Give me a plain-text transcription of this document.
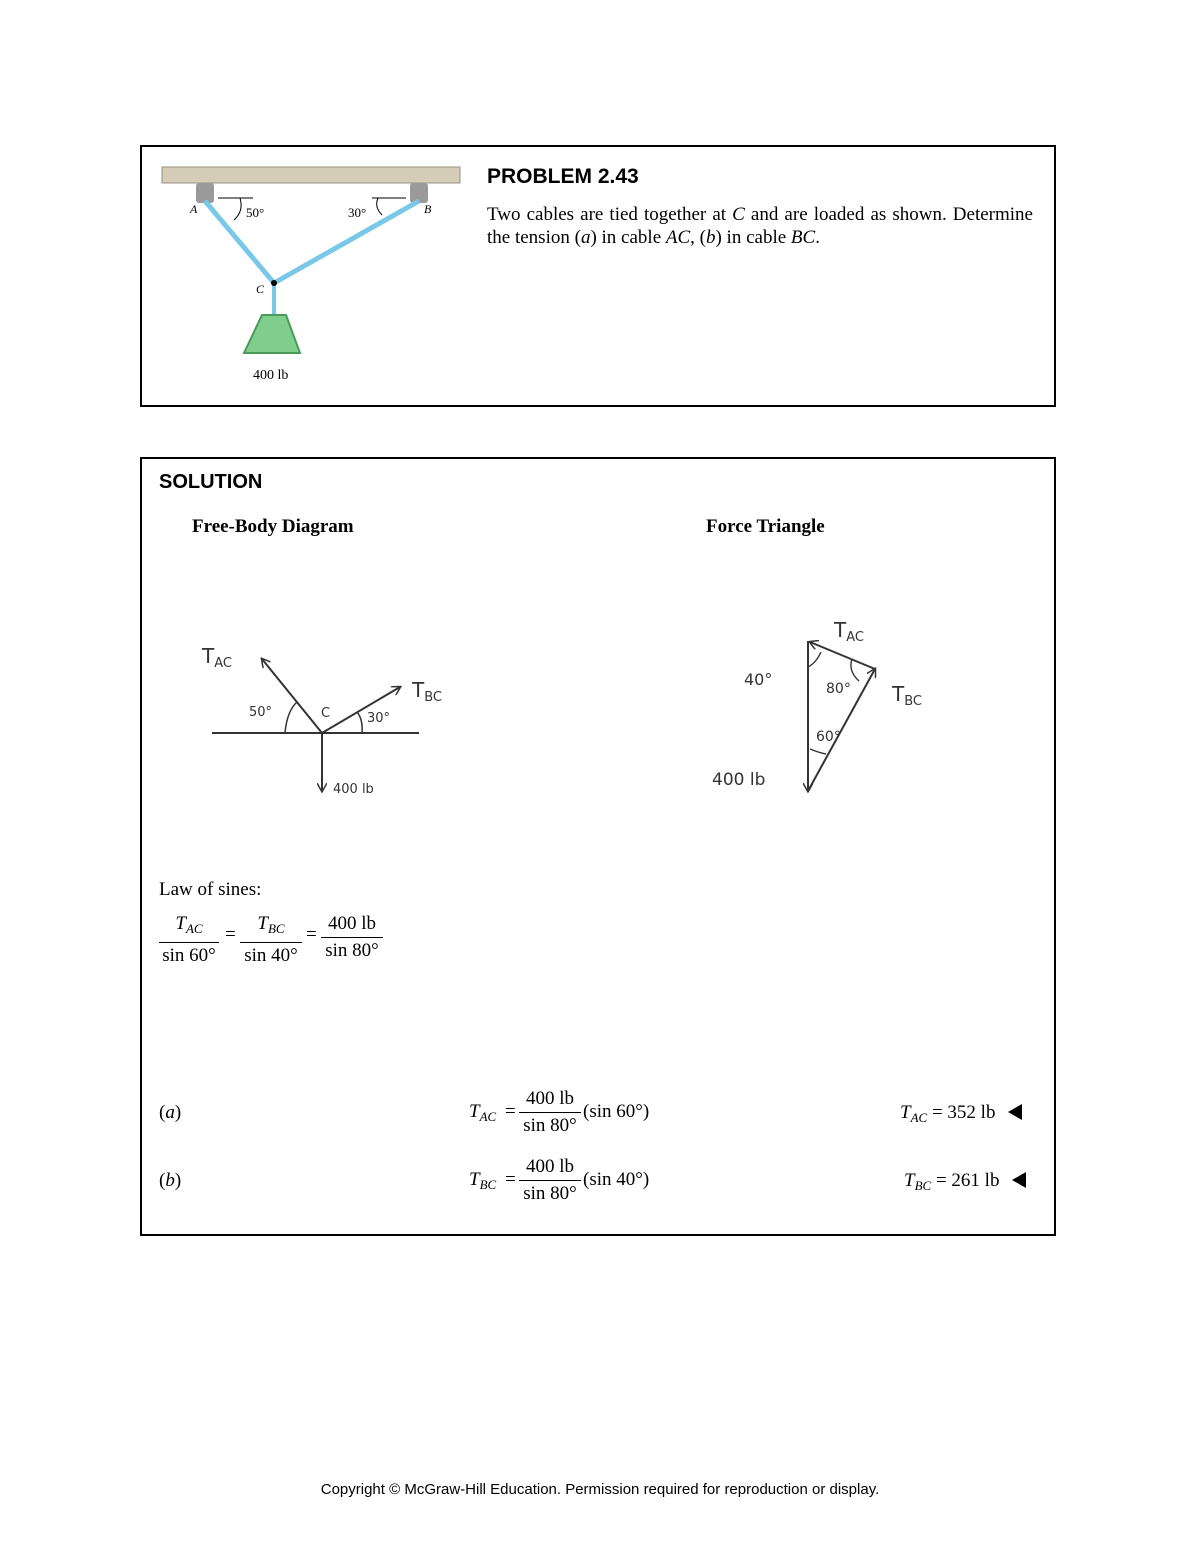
A	B
C
50°	30°
400 lb
PROBLEM 2.43
Two cables are tied together at C and are loaded as shown. Determine the tension (a) in cable AC, (b) in cable BC.
SOLUTION
Free-Body Diagram	Force Triangle
$T_{AC}$
$T_{BC}$
50°	30°
C
400 lb
$T_{AC}$
$T_{BC}$
40°	80°
60°
400 lb
Law of sines:
$T_{AC}$
sin 60°
=
$T_{BC}$
sin 40°
= $\frac{400 lb}{\sin 80^\circ}$
(a)	$T_{AC} = \frac{400 lb}{\sin 80^\circ} (\sin$ 60°)	$T_{AC} = 352$ lb
(b)	$T_{BC} = \frac{400 lb}{\sin 80^\circ} (\sin$ 40°)	$T_{BC} = 261$ lb
Copyright © McGraw-Hill Education. Permission required for reproduction or display.
